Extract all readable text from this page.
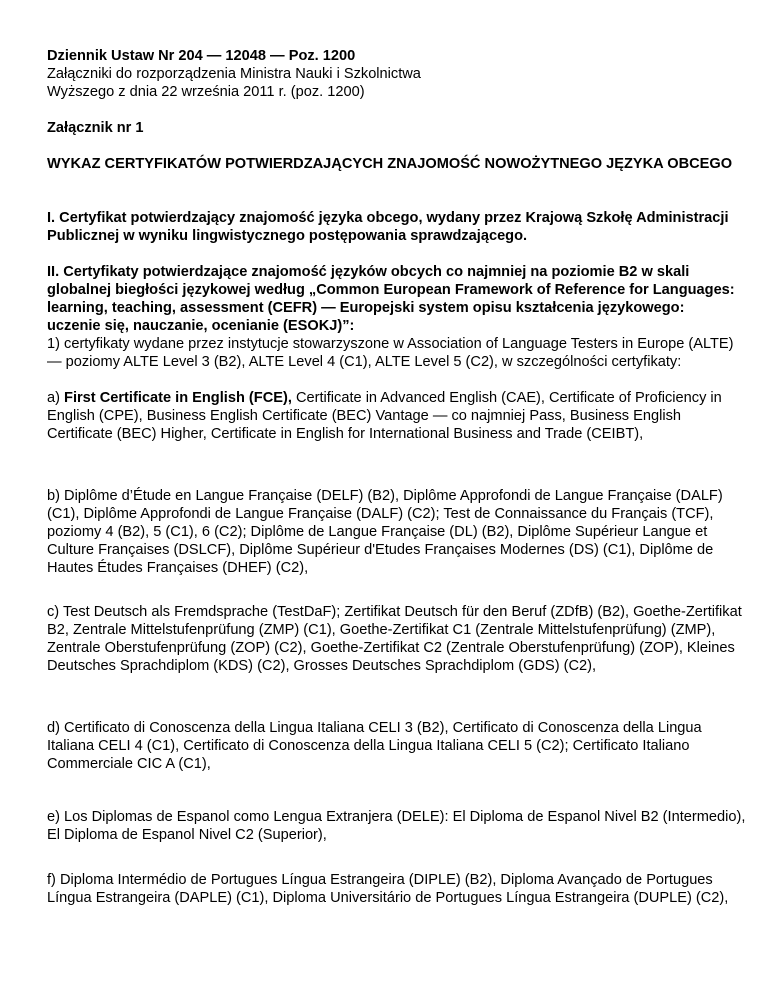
Dziennik Ustaw Nr 204 — 12048 — Poz. 1200

Załączniki do rozporządzenia Ministra Nauki i Szkolnictwa

Wyższego z dnia 22 września 2011 r. (poz. 1200)

Załącznik nr 1

WYKAZ CERTYFIKATÓW POTWIERDZAJĄCYCH ZNAJOMOŚĆ NOWOŻYTNEGO JĘZYKA OBCEGO

I. Certyfikat potwierdzający znajomość języka obcego, wydany przez Krajową Szkołę Administracji Publicznej w wyniku lingwistycznego postępowania sprawdzającego.

II. Certyfikaty potwierdzające znajomość języków obcych co najmniej na poziomie B2 w skali globalnej biegłości językowej według „Common European Framework of Reference for Languages: learning, teaching, assessment (CEFR) — Europejski system opisu kształcenia językowego: uczenie się, nauczanie, ocenianie (ESOKJ)”:

1) certyfikaty wydane przez instytucje stowarzyszone w Association of Language Testers in Europe (ALTE) — poziomy ALTE Level 3 (B2), ALTE Level 4 (C1), ALTE Level 5 (C2), w szczególności certyfikaty:

a) First Certificate in English (FCE), Certificate in Advanced English (CAE), Certificate of Proficiency in English (CPE), Business English Certificate (BEC) Vantage — co najmniej Pass, Business English Certificate (BEC) Higher, Certificate in English for International Business and Trade (CEIBT),

b) Diplôme d’Étude en Langue Française (DELF) (B2), Diplôme Approfondi de Langue Française (DALF) (C1), Diplôme Approfondi de Langue Française (DALF) (C2); Test de Connaissance du Français (TCF), poziomy 4 (B2), 5 (C1), 6 (C2); Diplôme de Langue Française (DL) (B2), Diplôme Supérieur Langue et Culture Françaises (DSLCF), Diplôme Supérieur d'Etudes Françaises Modernes (DS) (C1), Diplôme de Hautes Études Françaises (DHEF) (C2),

c) Test Deutsch als Fremdsprache (TestDaF); Zertifikat Deutsch für den Beruf (ZDfB) (B2), Goethe-Zertifikat B2, Zentrale Mittelstufenprüfung (ZMP) (C1), Goethe-Zertifikat C1 (Zentrale Mittelstufenprüfung) (ZMP), Zentrale Oberstufenprüfung (ZOP) (C2), Goethe-Zertifikat C2 (Zentrale Oberstufenprüfung) (ZOP), Kleines Deutsches Sprachdiplom (KDS) (C2), Grosses Deutsches Sprachdiplom (GDS) (C2),

d) Certificato di Conoscenza della Lingua Italiana CELI 3 (B2), Certificato di Conoscenza della Lingua Italiana CELI 4 (C1), Certificato di Conoscenza della Lingua Italiana CELI 5 (C2); Certificato Italiano Commerciale CIC A (C1),

e) Los Diplomas de Espanol como Lengua Extranjera (DELE): El Diploma de Espanol Nivel B2 (Intermedio), El Diploma de Espanol Nivel C2 (Superior),

f) Diploma Intermédio de Portugues Língua Estrangeira (DIPLE) (B2), Diploma Avançado de Portugues Língua Estrangeira (DAPLE) (C1), Diploma Universitário de Portugues Língua Estrangeira (DUPLE) (C2),
